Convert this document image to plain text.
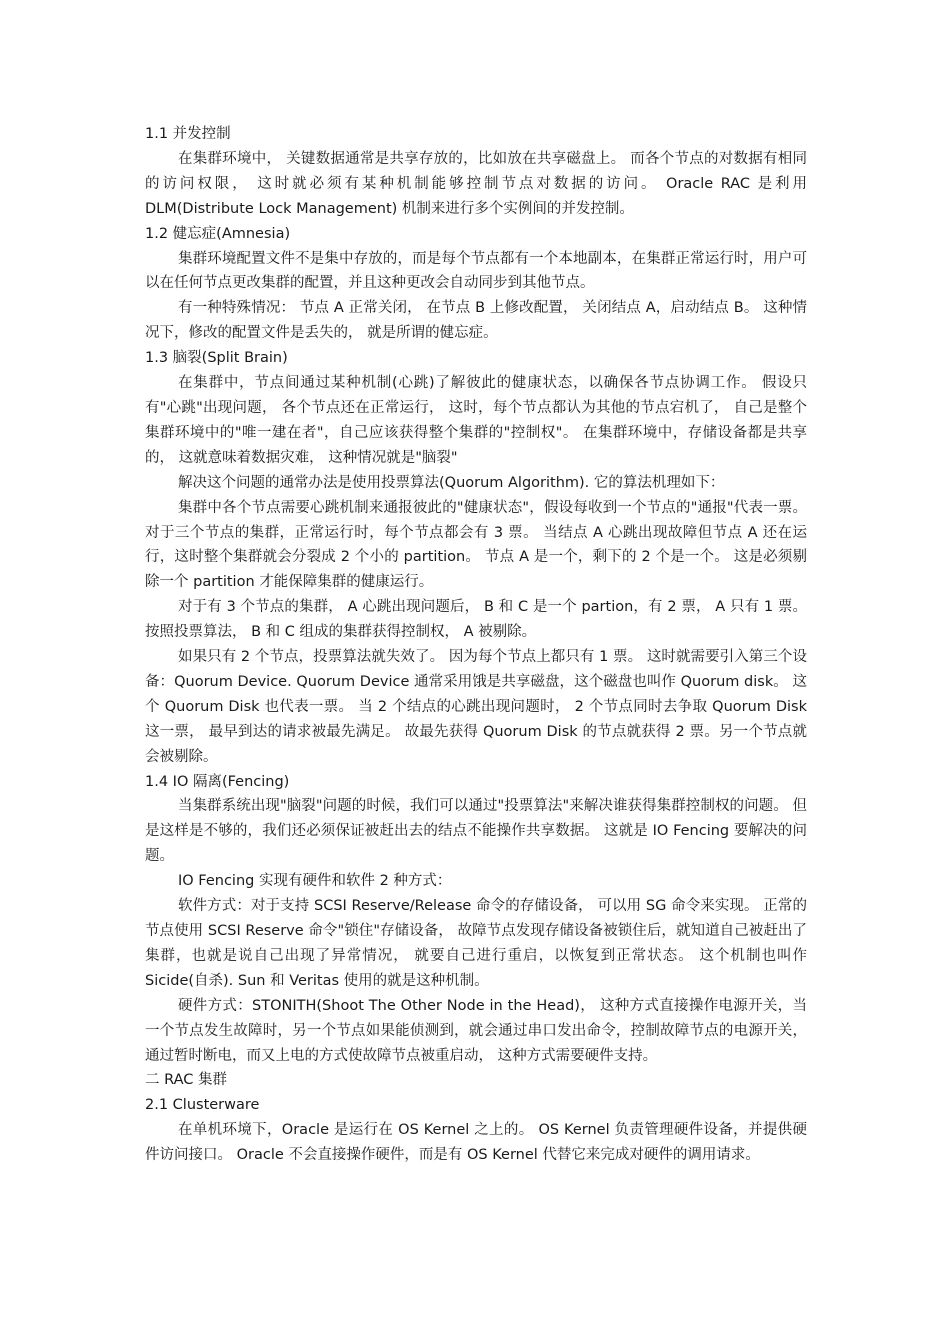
1.1 并发控制

在集群环境中， 关键数据通常是共享存放的，比如放在共享磁盘上。 而各个节点的对数据有相同的访问权限， 这时就必须有某种机制能够控制节点对数据的访问。 Oracle RAC 是利用 DLM(Distribute Lock Management) 机制来进行多个实例间的并发控制。

1.2 健忘症(Amnesia)

集群环境配置文件不是集中存放的，而是每个节点都有一个本地副本，在集群正常运行时，用户可以在任何节点更改集群的配置，并且这种更改会自动同步到其他节点。

有一种特殊情况： 节点 A 正常关闭， 在节点 B 上修改配置， 关闭结点 A，启动结点 B。 这种情况下，修改的配置文件是丢失的， 就是所谓的健忘症。

1.3 脑裂(Split Brain)

在集群中，节点间通过某种机制(心跳)了解彼此的健康状态，以确保各节点协调工作。 假设只有"心跳"出现问题， 各个节点还在正常运行， 这时，每个节点都认为其他的节点宕机了， 自己是整个集群环境中的"唯一建在者"，自己应该获得整个集群的"控制权"。 在集群环境中，存储设备都是共享的， 这就意味着数据灾难， 这种情况就是"脑裂"

解决这个问题的通常办法是使用投票算法(Quorum Algorithm). 它的算法机理如下：

集群中各个节点需要心跳机制来通报彼此的"健康状态"，假设每收到一个节点的"通报"代表一票。对于三个节点的集群，正常运行时，每个节点都会有 3 票。 当结点 A 心跳出现故障但节点 A 还在运行，这时整个集群就会分裂成 2 个小的 partition。 节点 A 是一个，剩下的 2 个是一个。 这是必须剔除一个 partition 才能保障集群的健康运行。

对于有 3 个节点的集群， A 心跳出现问题后， B 和 C 是一个 partion，有 2 票， A 只有 1 票。 按照投票算法， B 和 C 组成的集群获得控制权， A 被剔除。

如果只有 2 个节点，投票算法就失效了。 因为每个节点上都只有 1 票。 这时就需要引入第三个设备：Quorum Device. Quorum Device 通常采用饿是共享磁盘，这个磁盘也叫作 Quorum disk。 这个 Quorum Disk 也代表一票。 当 2 个结点的心跳出现问题时， 2 个节点同时去争取 Quorum Disk 这一票， 最早到达的请求被最先满足。 故最先获得 Quorum Disk 的节点就获得 2 票。另一个节点就会被剔除。

1.4 IO 隔离(Fencing)

当集群系统出现"脑裂"问题的时候，我们可以通过"投票算法"来解决谁获得集群控制权的问题。 但是这样是不够的，我们还必须保证被赶出去的结点不能操作共享数据。 这就是 IO Fencing 要解决的问题。

IO Fencing 实现有硬件和软件 2 种方式：

软件方式：对于支持 SCSI Reserve/Release 命令的存储设备， 可以用 SG 命令来实现。 正常的节点使用 SCSI Reserve 命令"锁住"存储设备， 故障节点发现存储设备被锁住后，就知道自己被赶出了集群，也就是说自己出现了异常情况， 就要自己进行重启，以恢复到正常状态。 这个机制也叫作 Sicide(自杀). Sun 和 Veritas 使用的就是这种机制。

硬件方式：STONITH(Shoot The Other Node in the Head)， 这种方式直接操作电源开关，当一个节点发生故障时，另一个节点如果能侦测到，就会通过串口发出命令，控制故障节点的电源开关，通过暂时断电，而又上电的方式使故障节点被重启动， 这种方式需要硬件支持。

二 RAC 集群
2.1 Clusterware

在单机环境下，Oracle 是运行在 OS Kernel 之上的。 OS Kernel 负责管理硬件设备，并提供硬件访问接口。 Oracle 不会直接操作硬件，而是有 OS Kernel 代替它来完成对硬件的调用请求。
